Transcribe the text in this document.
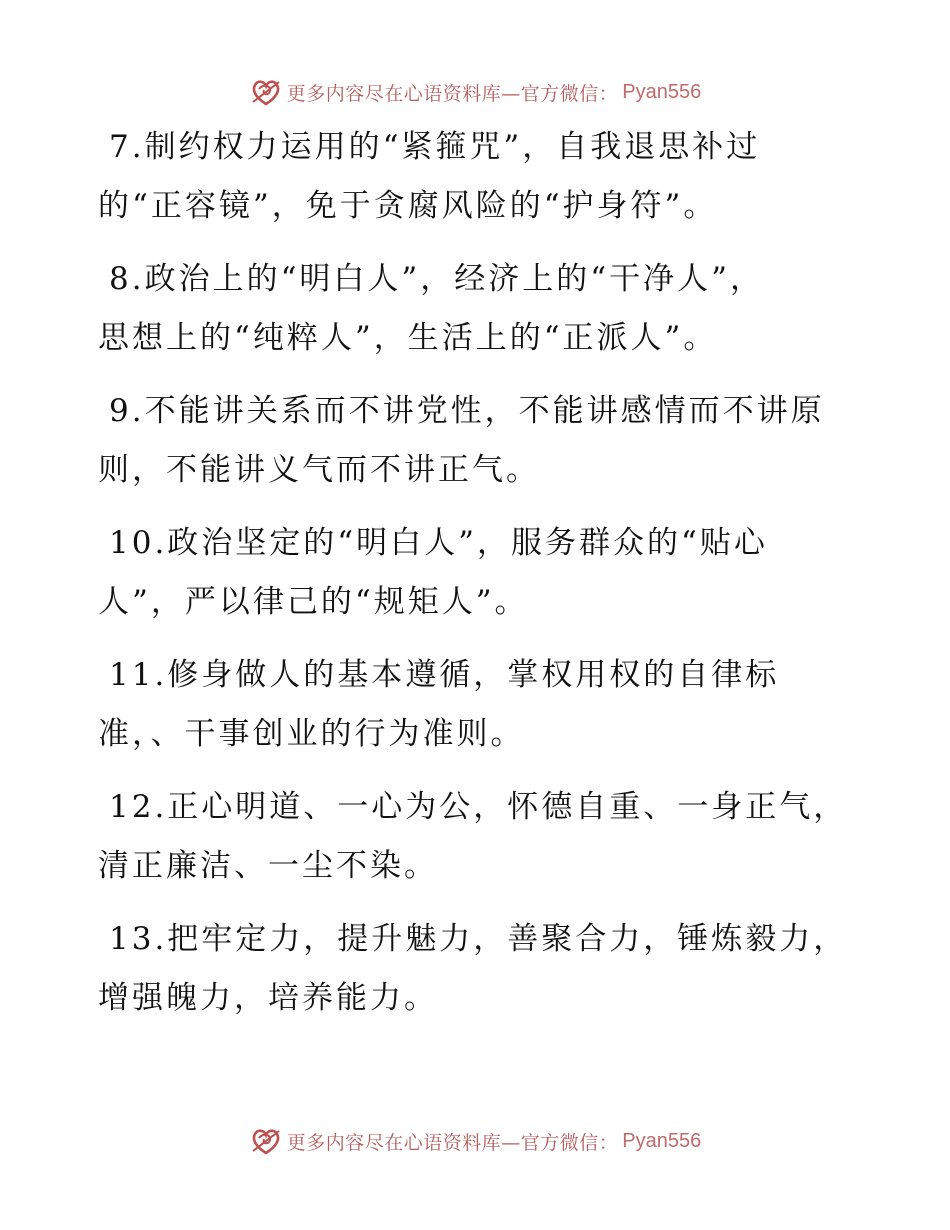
更多内容尽在心语资料库—官方微信： Pyan556
7.制约权力运用的“紧箍咒”，自我退思补过
的“正容镜”，免于贪腐风险的“护身符”。
8.政治上的“明白人”，经济上的“干净人”，
思想上的“纯粹人”，生活上的“正派人”。
9.不能讲关系而不讲党性，不能讲感情而不讲原
则，不能讲义气而不讲正气。
10.政治坚定的“明白人”，服务群众的“贴心
人”，严以律己的“规矩人”。
11.修身做人的基本遵循，掌权用权的自律标
准，、干事创业的行为准则。
12.正心明道、一心为公，怀德自重、一身正气，
清正廉洁、一尘不染。
13.把牢定力，提升魅力，善聚合力，锤炼毅力，
增强魄力，培养能力。
更多内容尽在心语资料库—官方微信： Pyan556
